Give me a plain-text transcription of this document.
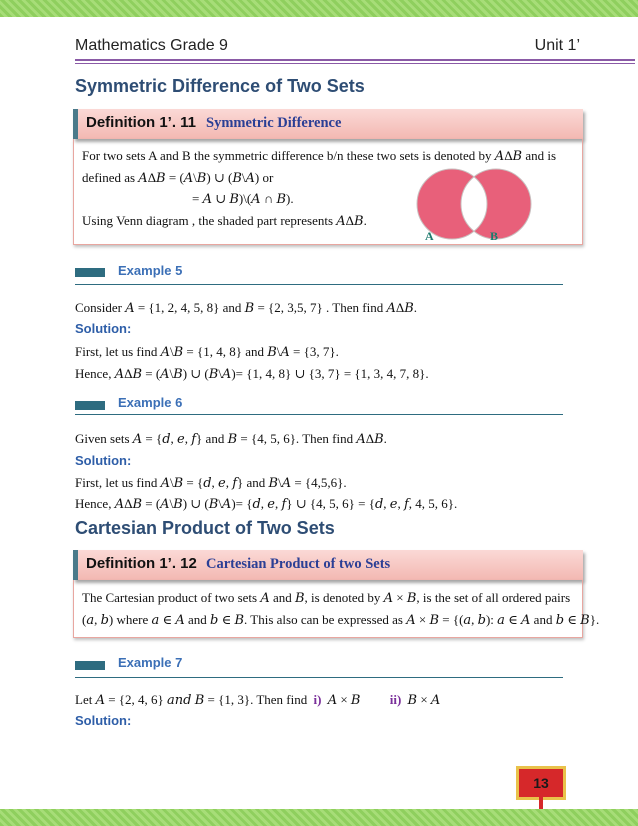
Mathematics Grade 9	Unit 1’
Symmetric Difference of Two Sets
Definition 1’. 11 Symmetric Difference
For two sets A and B the symmetric difference b/n these two sets is denoted by 𝐴Δ𝐵 and is
defined as 𝐴Δ𝐵 = (𝐴\𝐵) ∪ (𝐵\𝐴) or
= 𝐴 ∪ 𝐵)\(𝐴 ∩ 𝐵).
Using Venn diagram , the shaded part represents 𝐴Δ𝐵.
A	B
Example 5
Consider 𝐴 = {1, 2, 4, 5, 8} and 𝐵 = {2, 3,5, 7} . Then find 𝐴Δ𝐵.
Solution:
First, let us find 𝐴\𝐵 = {1, 4, 8} and 𝐵\𝐴 = {3, 7}.
Hence, 𝐴Δ𝐵 = (𝐴\𝐵) ∪ (𝐵\𝐴)= {1, 4, 8} ∪ {3, 7} = {1, 3, 4, 7, 8}.
Example 6
Given sets 𝐴 = {𝑑, 𝑒, 𝑓} and 𝐵 = {4, 5, 6}. Then find 𝐴Δ𝐵.
Solution:
First, let us find 𝐴\𝐵 = {𝑑, 𝑒, 𝑓} and 𝐵\𝐴 = {4,5,6}.
Hence, 𝐴Δ𝐵 = (𝐴\𝐵) ∪ (𝐵\𝐴)= {𝑑, 𝑒, 𝑓} ∪ {4, 5, 6} = {𝑑, 𝑒, 𝑓, 4, 5, 6}.
Cartesian Product of Two Sets
Definition 1’. 12 Cartesian Product of two Sets
The Cartesian product of two sets 𝐴 and 𝐵, is denoted by 𝐴 × 𝐵, is the set of all ordered pairs
(𝑎, 𝑏) where 𝑎 ∈ 𝐴 and 𝑏 ∈ 𝐵. This also can be expressed as 𝐴 × 𝐵 = {(𝑎, 𝑏): 𝑎 ∈ 𝐴 and 𝑏 ∈ 𝐵}.
Example 7
Let 𝐴 = {2, 4, 6} 𝑎𝑛𝑑 𝐵 = {1, 3}. Then find i) 𝐴 × 𝐵 ii) 𝐵 × 𝐴
Solution:
13
